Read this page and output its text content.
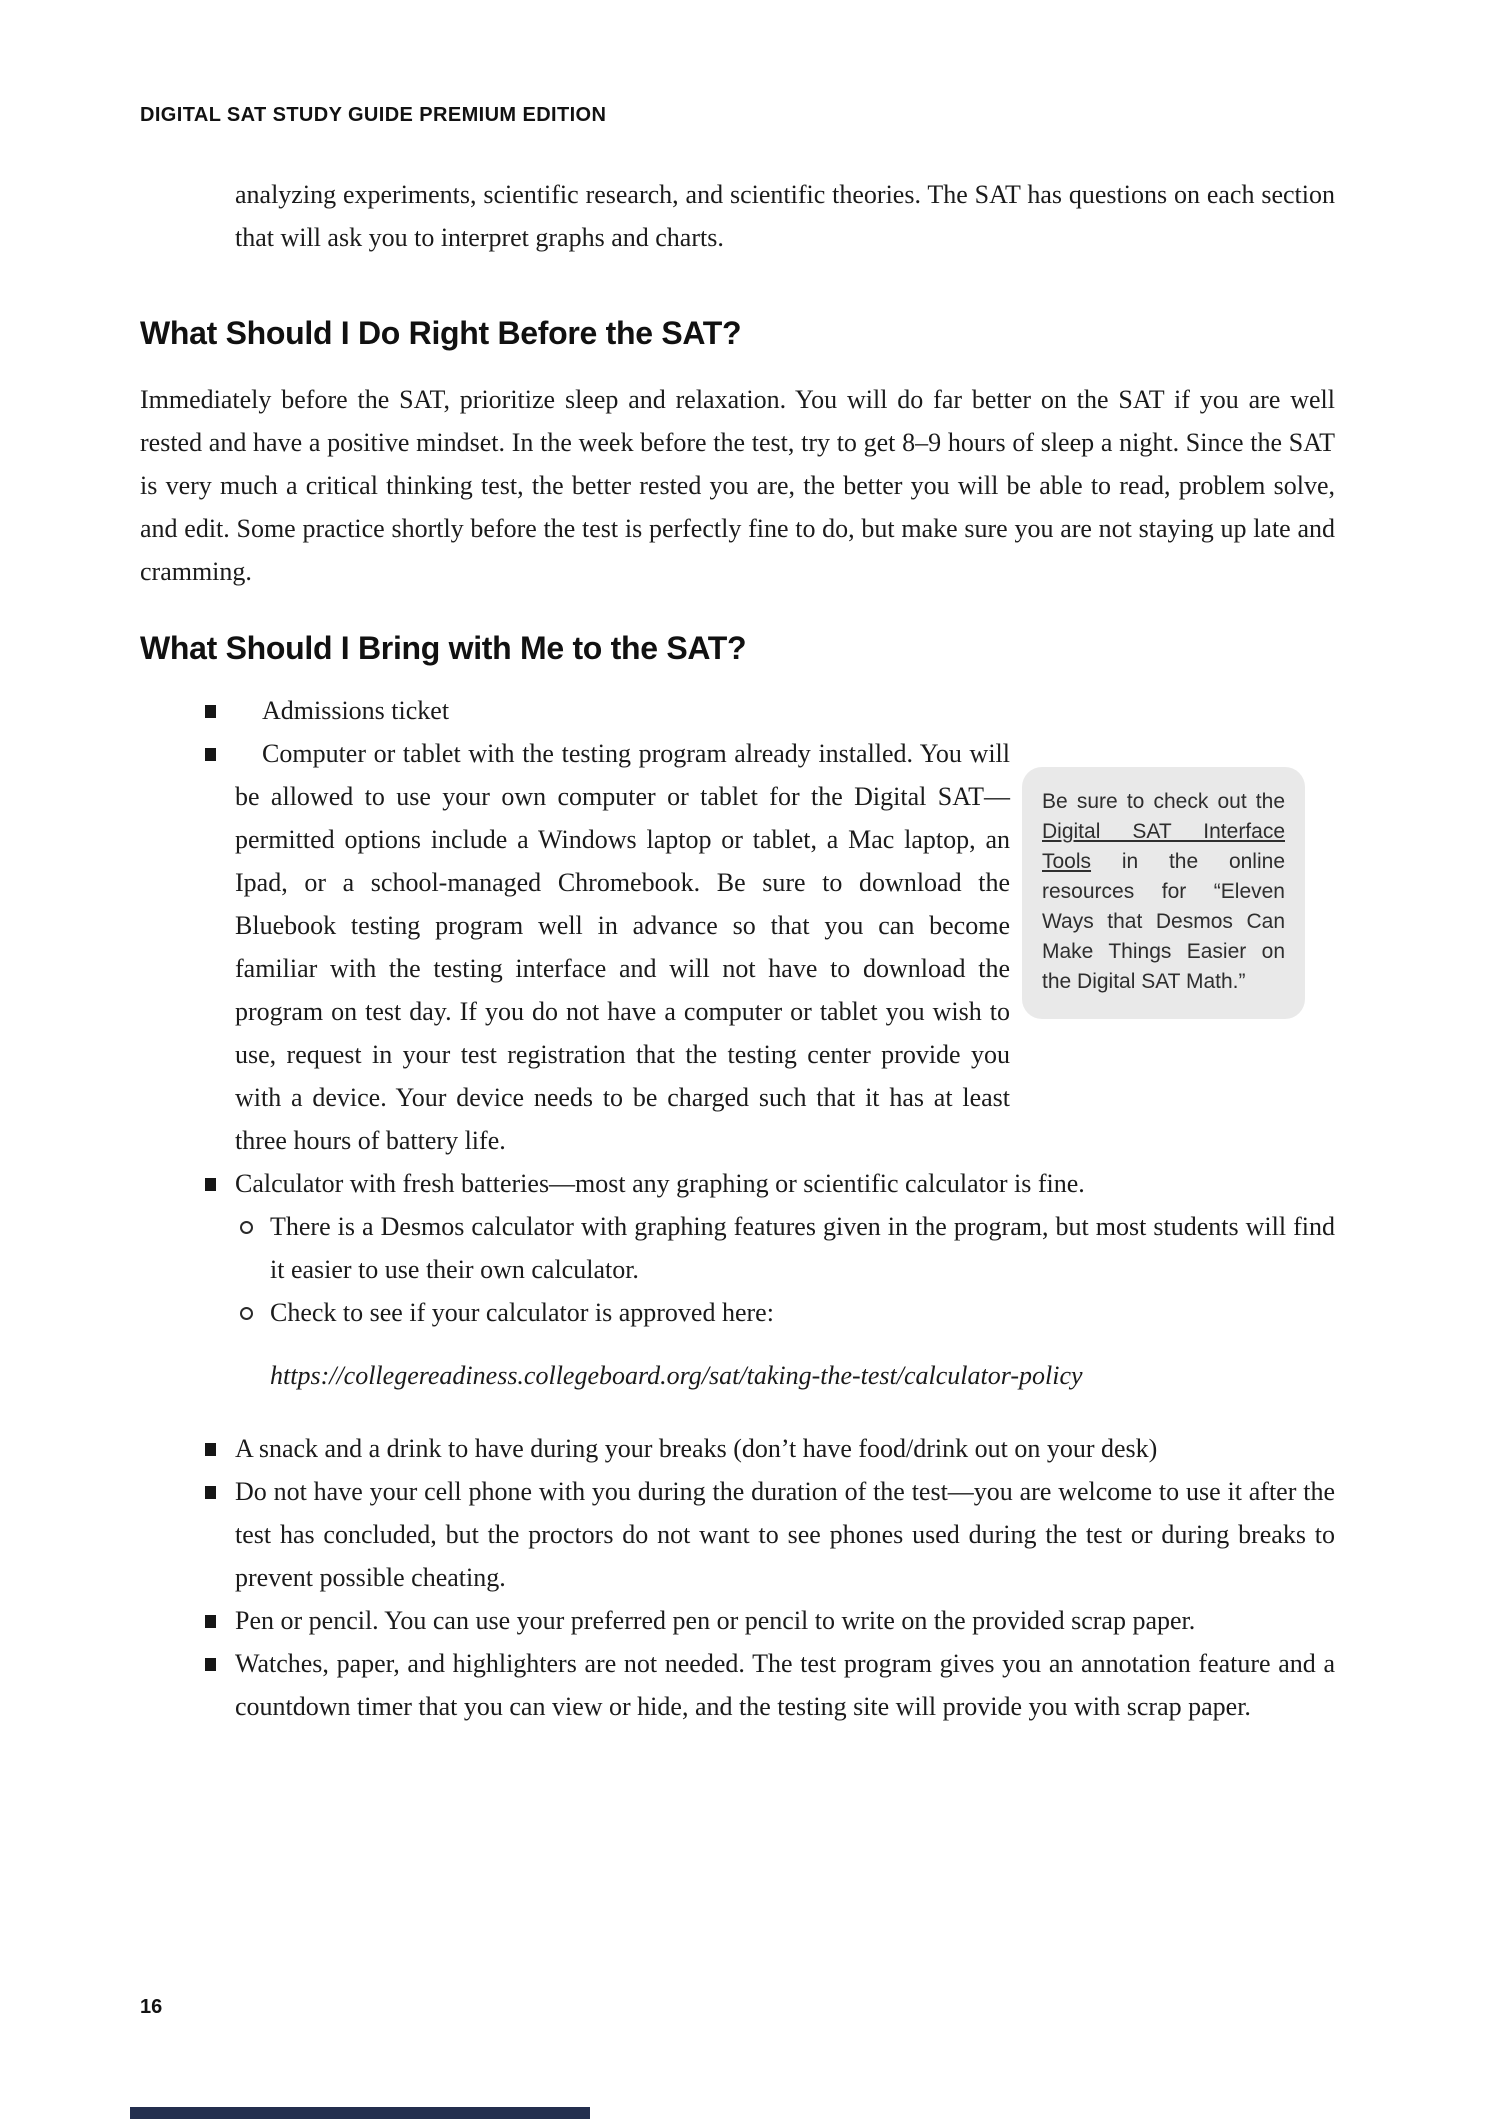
DIGITAL SAT STUDY GUIDE PREMIUM EDITION

analyzing experiments, scientific research, and scientific theories. The SAT has questions on each section that will ask you to interpret graphs and charts.

What Should I Do Right Before the SAT?

Immediately before the SAT, prioritize sleep and relaxation. You will do far better on the SAT if you are well rested and have a positive mindset. In the week before the test, try to get 8–9 hours of sleep a night. Since the SAT is very much a critical thinking test, the better rested you are, the better you will be able to read, problem solve, and edit. Some practice shortly before the test is perfectly fine to do, but make sure you are not staying up late and cramming.

What Should I Bring with Me to the SAT?
Admissions ticket
Computer or tablet with the testing program already installed. You will be allowed to use your own computer or tablet for the Digital SAT—permitted options include a Windows laptop or tablet, a Mac laptop, an Ipad, or a school-managed Chromebook. Be sure to download the Bluebook testing program well in advance so that you can become familiar with the testing interface and will not have to download the program on test day. If you do not have a computer or tablet you wish to use, request in your test registration that the testing center provide you with a device. Your device needs to be charged such that it has at least three hours of battery life.
Be sure to check out the Digital SAT Interface Tools in the online resources for “Eleven Ways that Desmos Can Make Things Easier on the Digital SAT Math.”
Calculator with fresh batteries—most any graphing or scientific calculator is fine.
There is a Desmos calculator with graphing features given in the program, but most students will find it easier to use their own calculator.
Check to see if your calculator is approved here:
https://collegereadiness.collegeboard.org/sat/taking-the-test/calculator-policy
A snack and a drink to have during your breaks (don’t have food/drink out on your desk)
Do not have your cell phone with you during the duration of the test—you are welcome to use it after the test has concluded, but the proctors do not want to see phones used during the test or during breaks to prevent possible cheating.
Pen or pencil. You can use your preferred pen or pencil to write on the provided scrap paper.
Watches, paper, and highlighters are not needed. The test program gives you an annotation feature and a countdown timer that you can view or hide, and the testing site will provide you with scrap paper.
16
